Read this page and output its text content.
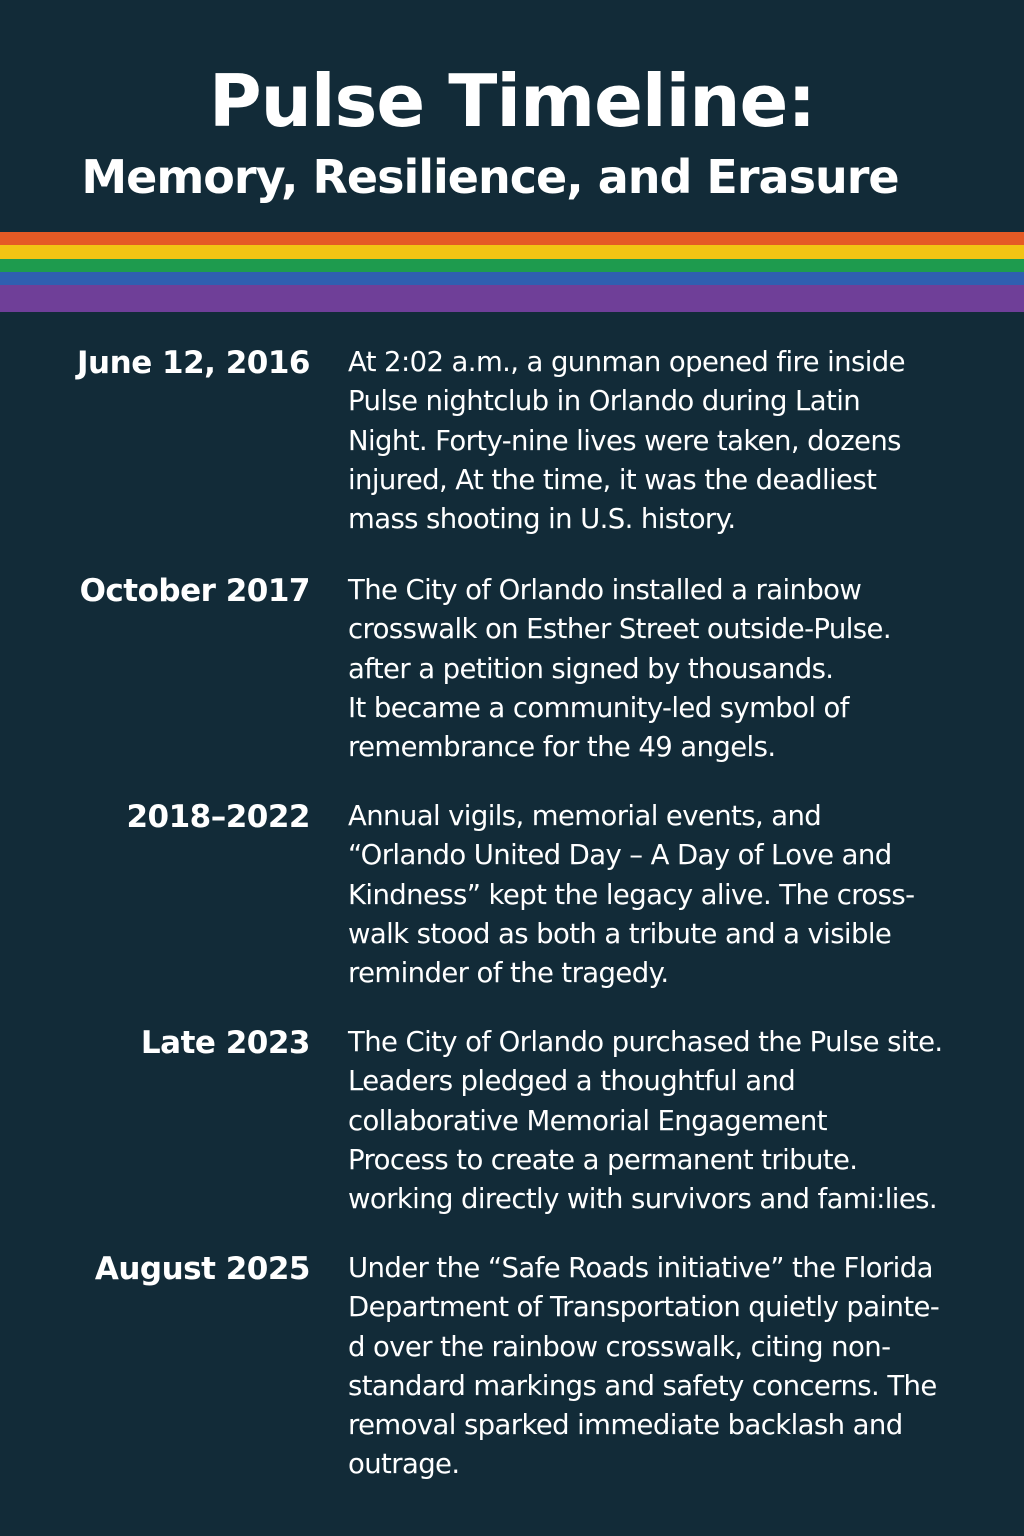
Pulse Timeline:
Memory, Resilience, and Erasure
June 12, 2016 At 2:02 a.m., a gunman opened fire inside
Pulse nightclub in Orlando during Latin
Night. Forty-nine lives were taken, dozens
injured, At the time, it was the deadliest
mass shooting in U.S. history.
October 2017 The City of Orlando installed a rainbow
crosswalk on Esther Street outside-Pulse.
after a petition signed by thousands.
It became a community-led symbol of
remembrance for the 49 angels.
2018–2022 Annual vigils, memorial events, and
“Orlando United Day – A Day of Love and
Kindness” kept the legacy alive. The cross-
walk stood as both a tribute and a visible
reminder of the tragedy.
Late 2023 The City of Orlando purchased the Pulse site.
Leaders pledged a thoughtful and
collaborative Memorial Engagement
Process to create a permanent tribute.
working directly with survivors and fami:lies.
August 2025 Under the “Safe Roads initiative” the Florida
Department of Transportation quietly painte-
d over the rainbow crosswalk, citing non-
standard markings and safety concerns. The
removal sparked immediate backlash and
outrage.
